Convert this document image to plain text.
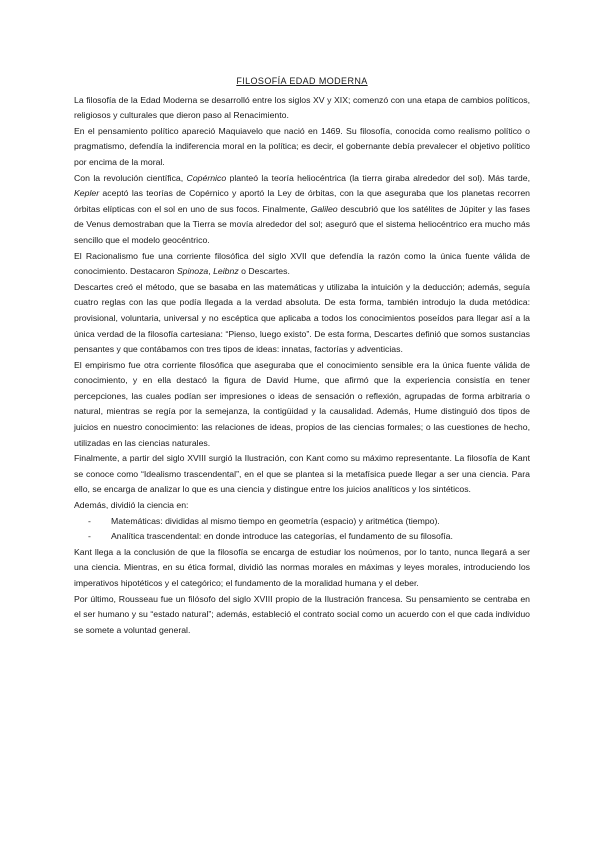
FILOSOFÍA EDAD MODERNA

La filosofía de la Edad Moderna se desarrolló entre los siglos XV y XIX; comenzó con una etapa de cambios políticos, religiosos y culturales que dieron paso al Renacimiento.

En el pensamiento político apareció Maquiavelo que nació en 1469. Su filosofía, conocida como realismo político o pragmatismo, defendía la indiferencia moral en la política; es decir, el gobernante debía prevalecer el objetivo político por encima de la moral.

Con la revolución científica, Copérnico planteó la teoría heliocéntrica (la tierra giraba alrededor del sol). Más tarde, Kepler aceptó las teorías de Copérnico y aportó la Ley de órbitas, con la que aseguraba que los planetas recorren órbitas elípticas con el sol en uno de sus focos. Finalmente, Galileo descubrió que los satélites de Júpiter y las fases de Venus demostraban que la Tierra se movía alrededor del sol; aseguró que el sistema heliocéntrico era mucho más sencillo que el modelo geocéntrico.

El Racionalismo fue una corriente filosófica del siglo XVII que defendía la razón como la única fuente válida de conocimiento. Destacaron Spinoza, Leibnz o Descartes.

Descartes creó el método, que se basaba en las matemáticas y utilizaba la intuición y la deducción; además, seguía cuatro reglas con las que podía llegada a la verdad absoluta. De esta forma, también introdujo la duda metódica: provisional, voluntaria, universal y no escéptica que aplicaba a todos los conocimientos poseídos para llegar así a la única verdad de la filosofía cartesiana: “Pienso, luego existo”. De esta forma, Descartes definió que somos sustancias pensantes y que contábamos con tres tipos de ideas: innatas, factorías y adventicias.

El empirismo fue otra corriente filosófica que aseguraba que el conocimiento sensible era la única fuente válida de conocimiento, y en ella destacó la figura de David Hume, que afirmó que la experiencia consistía en tener percepciones, las cuales podían ser impresiones o ideas de sensación o reflexión, agrupadas de forma arbitraria o natural, mientras se regía por la semejanza, la contigüidad y la causalidad. Además, Hume distinguió dos tipos de juicios en nuestro conocimiento: las relaciones de ideas, propios de las ciencias formales; o las cuestiones de hecho, utilizadas en las ciencias naturales.

Finalmente, a partir del siglo XVIII surgió la Ilustración, con Kant como su máximo representante. La filosofía de Kant se conoce como “Idealismo trascendental”, en el que se plantea si la metafísica puede llegar a ser una ciencia. Para ello, se encarga de analizar lo que es una ciencia y distingue entre los juicios analíticos y los sintéticos.

Además, dividió la ciencia en:

-	Matemáticas: divididas al mismo tiempo en geometría (espacio) y aritmética (tiempo).
-	Analítica trascendental: en donde introduce las categorías, el fundamento de su filosofía.

Kant llega a la conclusión de que la filosofía se encarga de estudiar los noúmenos, por lo tanto, nunca llegará a ser una ciencia. Mientras, en su ética formal, dividió las normas morales en máximas y leyes morales, introduciendo los imperativos hipotéticos y el categórico; el fundamento de la moralidad humana y el deber.

Por último, Rousseau fue un filósofo del siglo XVIII propio de la Ilustración francesa. Su pensamiento se centraba en el ser humano y su “estado natural”; además, estableció el contrato social como un acuerdo con el que cada individuo se somete a voluntad general.
